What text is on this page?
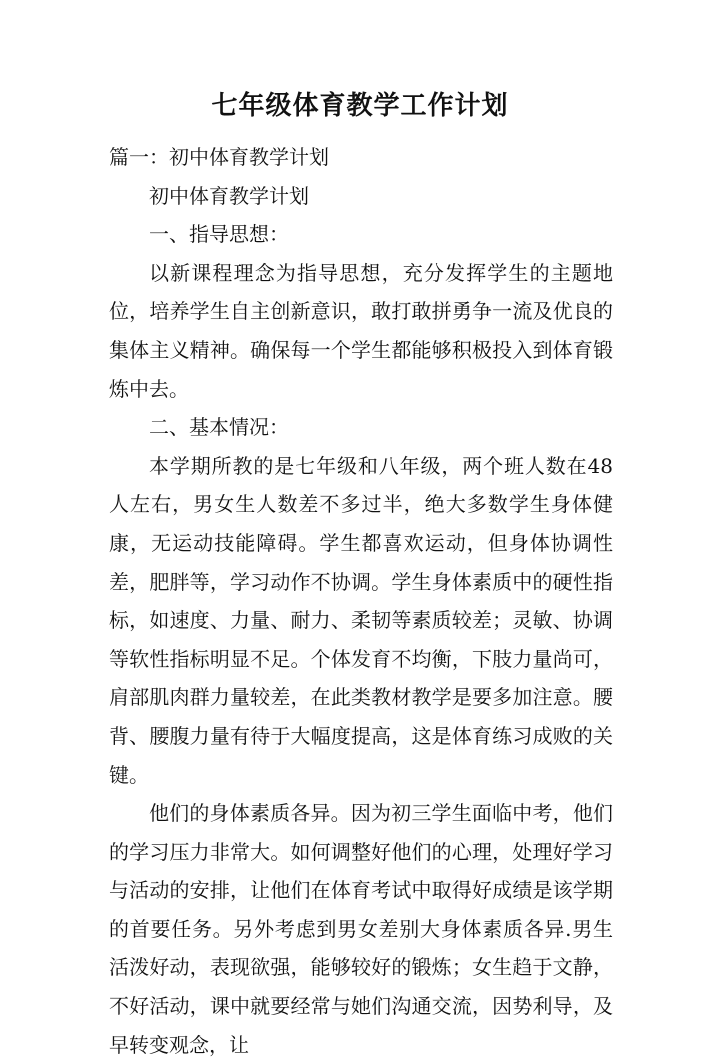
七年级体育教学工作计划

篇一：初中体育教学计划

初中体育教学计划

一、指导思想：

以新课程理念为指导思想，充分发挥学生的主题地位，培养学生自主创新意识，敢打敢拼勇争一流及优良的集体主义精神。确保每一个学生都能够积极投入到体育锻炼中去。

二、基本情况：

本学期所教的是七年级和八年级，两个班人数在48人左右，男女生人数差不多过半，绝大多数学生身体健康，无运动技能障碍。学生都喜欢运动，但身体协调性差，肥胖等，学习动作不协调。学生身体素质中的硬性指标，如速度、力量、耐力、柔韧等素质较差；灵敏、协调等软性指标明显不足。个体发育不均衡，下肢力量尚可，肩部肌肉群力量较差，在此类教材教学是要多加注意。腰背、腰腹力量有待于大幅度提高，这是体育练习成败的关键。

他们的身体素质各异。因为初三学生面临中考，他们的学习压力非常大。如何调整好他们的心理，处理好学习与活动的安排，让他们在体育考试中取得好成绩是该学期的首要任务。另外考虑到男女差别大身体素质各异.男生活泼好动，表现欲强，能够较好的锻炼；女生趋于文静，不好活动，课中就要经常与她们沟通交流，因势利导，及早转变观念，让
